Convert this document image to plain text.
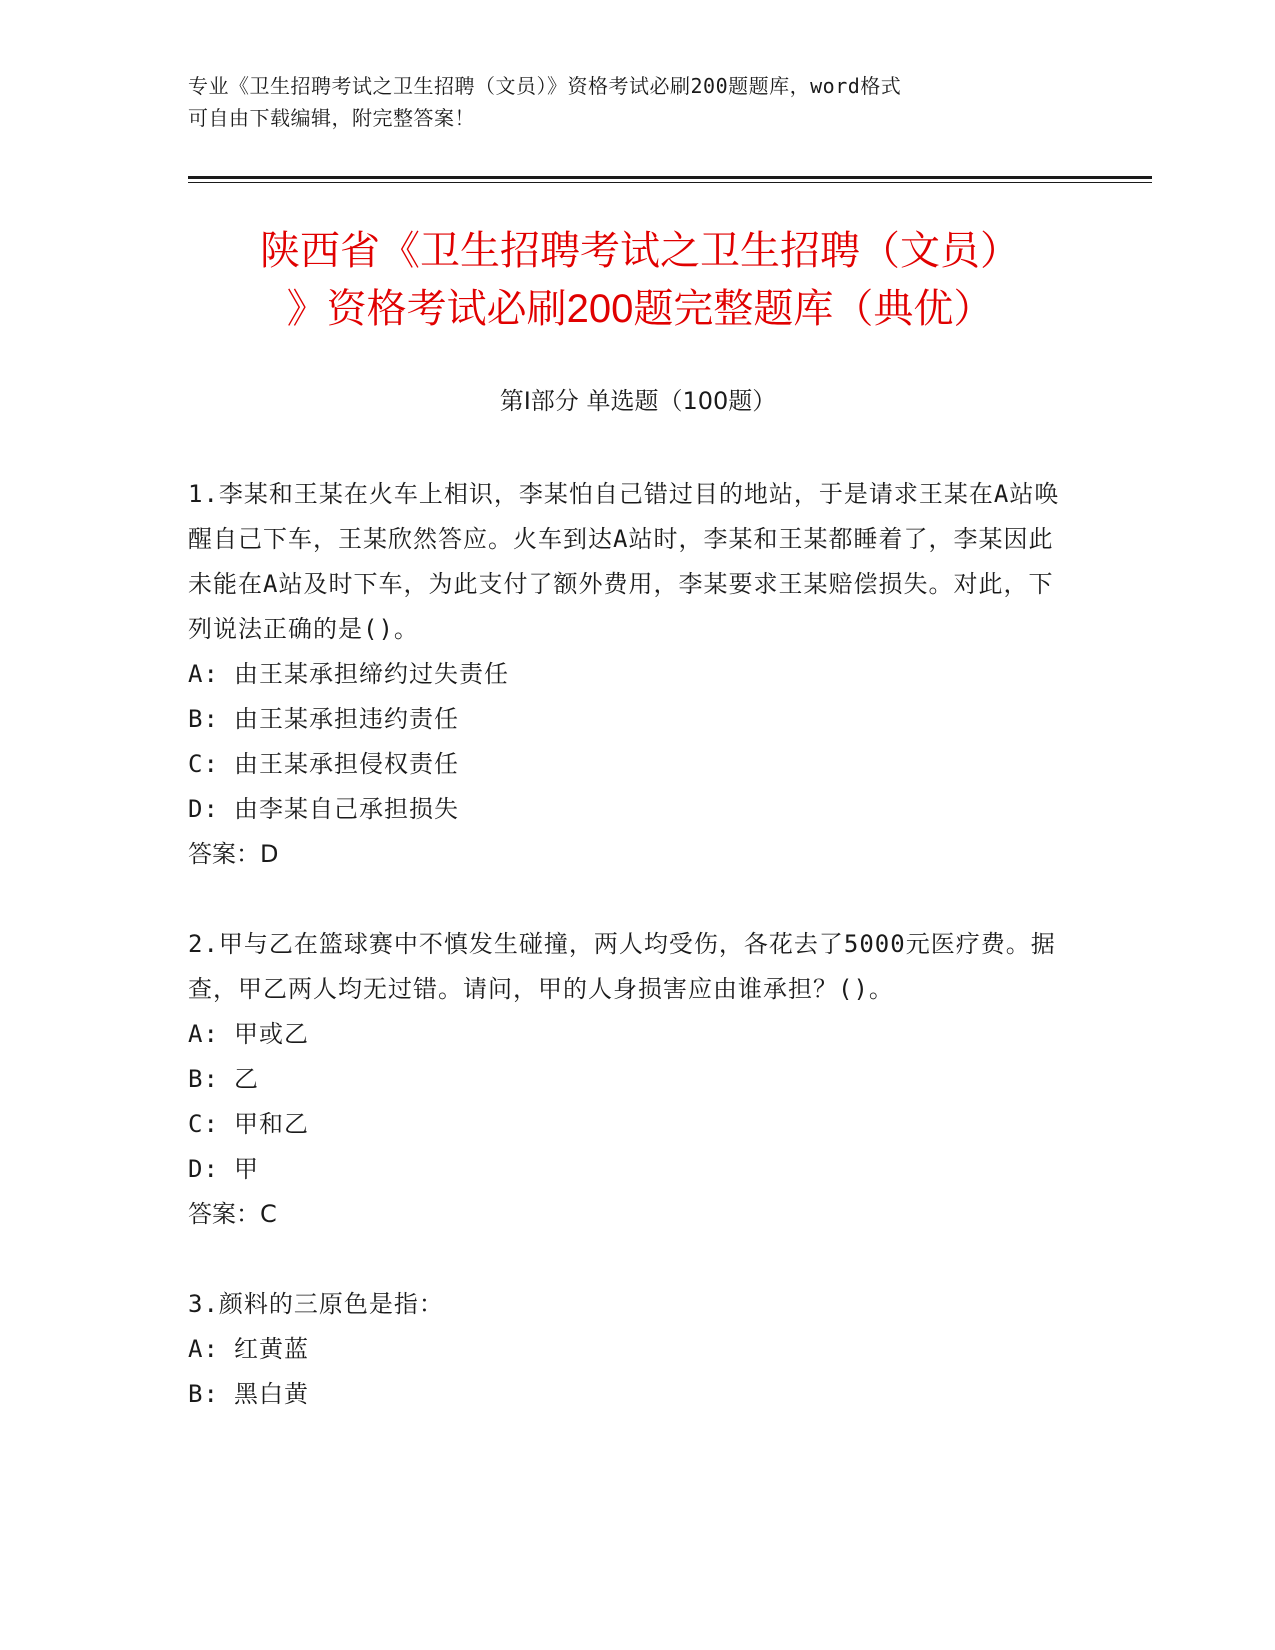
专业《卫生招聘考试之卫生招聘（文员）》资格考试必刷200题题库，word格式
可自由下载编辑，附完整答案！
陕西省《卫生招聘考试之卫生招聘（文员）
》资格考试必刷200题完整题库（典优）
第Ⅰ部分 单选题（100题）
1.李某和王某在火车上相识，李某怕自己错过目的地站，于是请求王某在A站唤醒自己下车，王某欣然答应。火车到达A站时，李某和王某都睡着了，李某因此未能在A站及时下车，为此支付了额外费用，李某要求王某赔偿损失。对此，下列说法正确的是()。
A: 由王某承担缔约过失责任
B: 由王某承担违约责任
C: 由王某承担侵权责任
D: 由李某自己承担损失
答案：D
2.甲与乙在篮球赛中不慎发生碰撞，两人均受伤，各花去了5000元医疗费。据查，甲乙两人均无过错。请问，甲的人身损害应由谁承担？()。
A: 甲或乙
B: 乙
C: 甲和乙
D: 甲
答案：C
3.颜料的三原色是指：
A: 红黄蓝
B: 黑白黄
